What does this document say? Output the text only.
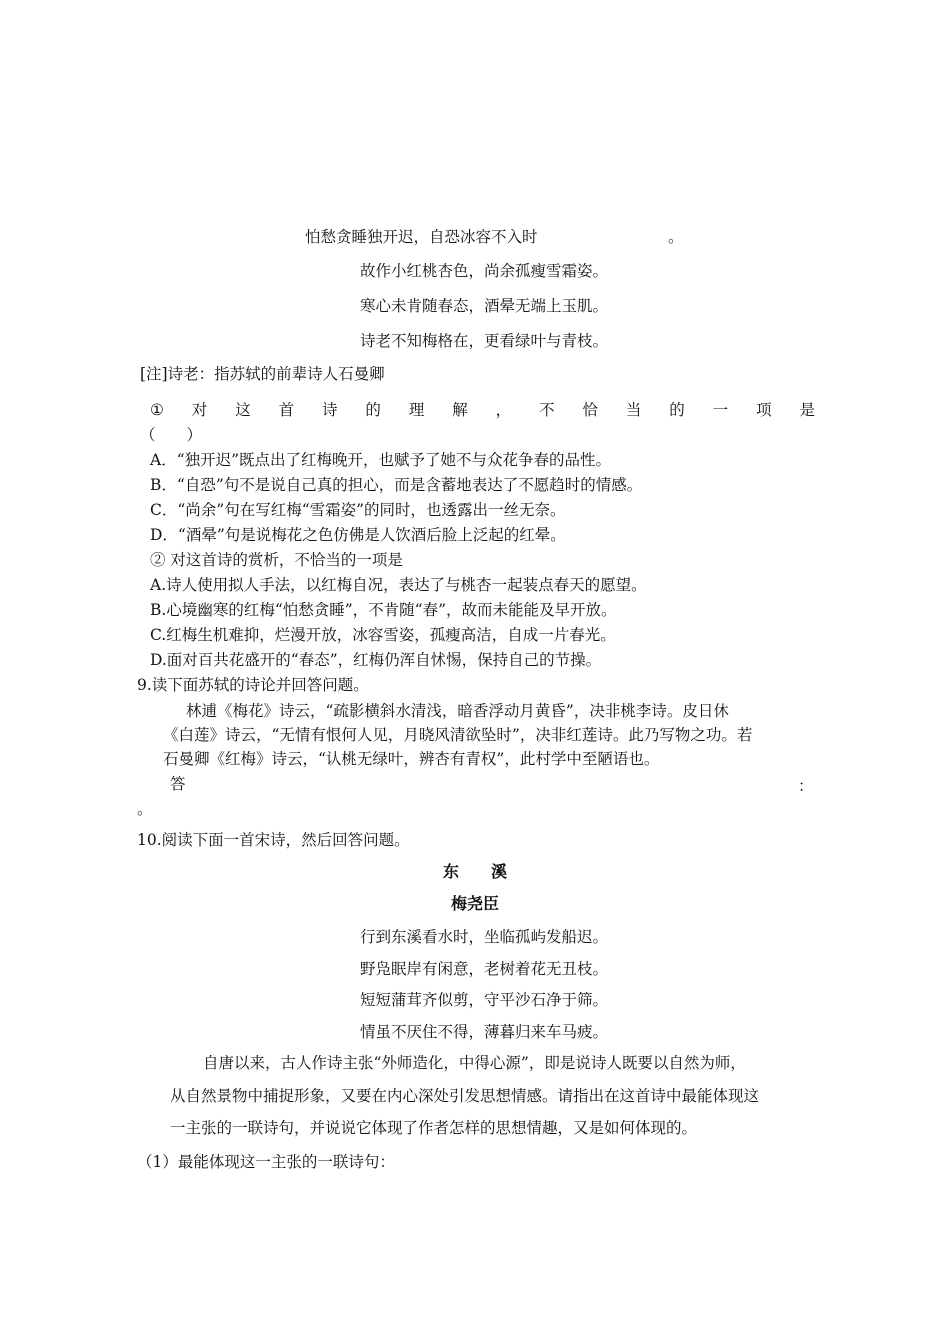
怕愁贪睡独开迟，自恐冰容不入时	。
故作小红桃杏色，尚余孤瘦雪霜姿。
寒心未肯随春态，酒晕无端上玉肌。
诗老不知梅格在，更看绿叶与青枝。
[注]诗老：指苏轼的前辈诗人石曼卿
① 对 这 首 诗 的 理 解 ， 不 恰 当 的 一 项 是
（　　）
A．“独开迟”既点出了红梅晚开，也赋予了她不与众花争春的品性。
B．“自恐”句不是说自己真的担心，而是含蓄地表达了不愿趋时的情感。
C．“尚余”句在写红梅“雪霜姿”的同时，也透露出一丝无奈。
D．“酒晕”句是说梅花之色仿佛是人饮酒后脸上泛起的红晕。
② 对这首诗的赏析，不恰当的一项是
A.诗人使用拟人手法，以红梅自况，表达了与桃杏一起装点春天的愿望。
B.心境幽寒的红梅“怕愁贪睡”，不肯随“春”，故而未能能及早开放。
C.红梅生机难抑，烂漫开放，冰容雪姿，孤瘦高洁，自成一片春光。
D.面对百共花盛开的“春态”，红梅仍浑自怵惕，保持自己的节操。
9.读下面苏轼的诗论并回答问题。
林逋《梅花》诗云，“疏影横斜水清浅，暗香浮动月黄昏”，决非桃李诗。皮日休
《白莲》诗云，“无情有恨何人见，月晓风清欲坠时”，决非红莲诗。此乃写物之功。若
石曼卿《红梅》诗云，“认桃无绿叶，辨杏有青权”，此村学中至陋语也。
答	：
。
10.阅读下面一首宋诗，然后回答问题。
东　　溪
梅尧臣
行到东溪看水时，坐临孤屿发船迟。
野凫眠岸有闲意，老树着花无丑枝。
短短蒲茸齐似剪，守平沙石净于筛。
情虽不厌住不得，薄暮归来车马疲。
自唐以来，古人作诗主张“外师造化，中得心源”，即是说诗人既要以自然为师，
从自然景物中捕捉形象，又要在内心深处引发思想情感。请指出在这首诗中最能体现这
一主张的一联诗句，并说说它体现了作者怎样的思想情趣，又是如何体现的。
（1）最能体现这一主张的一联诗句：
